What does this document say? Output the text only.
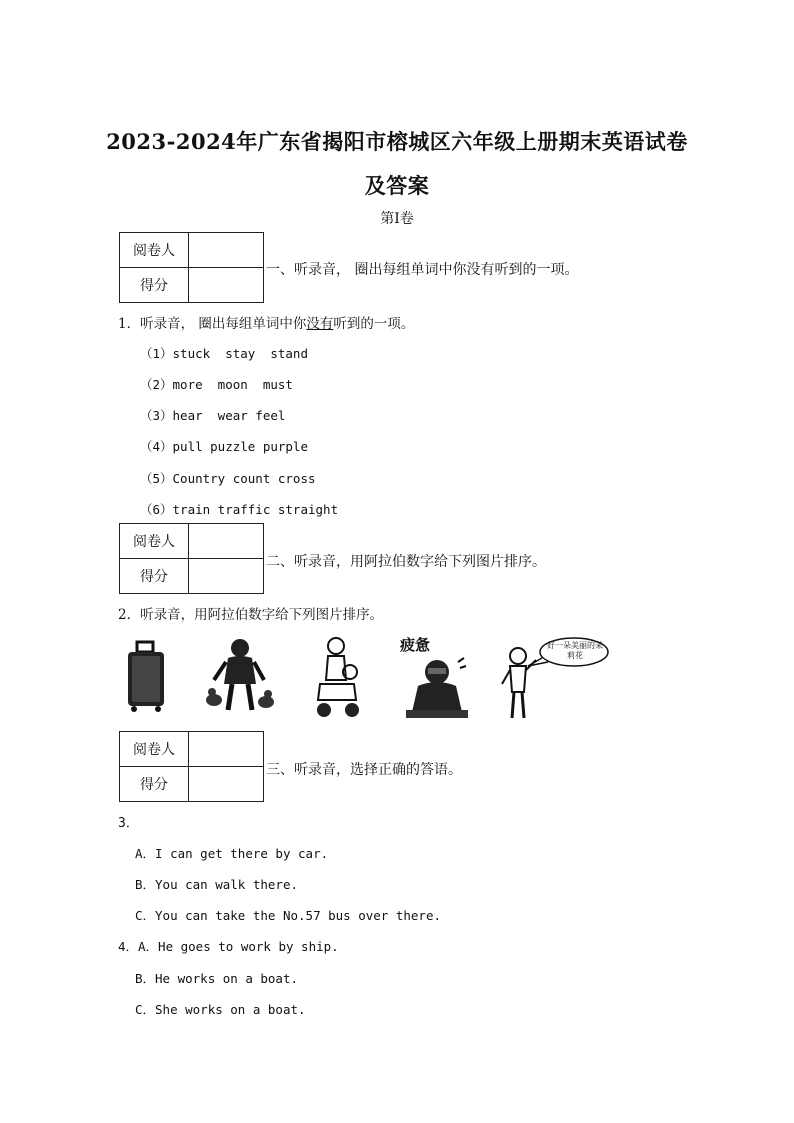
2023-2024年广东省揭阳市榕城区六年级上册期末英语试卷
及答案
第Ⅰ卷
阅卷人	
得分	
一、听录音， 圈出每组单词中你没有听到的一项。
1．听录音， 圈出每组单词中你没有听到的一项。
（1）stuck  stay  stand
（2）more  moon  must
（3）hear  wear feel
（4）pull puzzle purple
（5）Country count cross
（6）train traffic straight
阅卷人	
得分	
二、听录音，用阿拉伯数字给下列图片排序。
2．听录音，用阿拉伯数字给下列图片排序。
疲惫	好一朵美丽的茉莉花
阅卷人	
得分	
三、听录音，选择正确的答语。
3．
A．I can get there by car.
B．You can walk there.
C．You can take the No.57 bus over there.
4．A．He goes to work by ship.
B．He works on a boat.
C．She works on a boat.
